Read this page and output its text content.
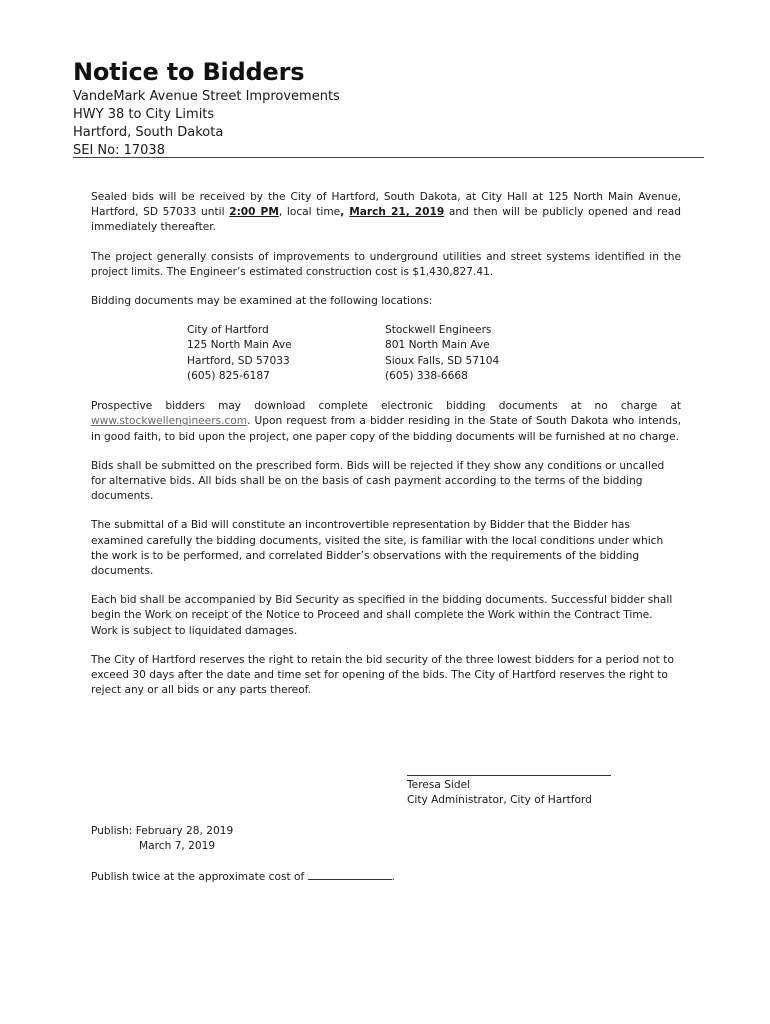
Notice to Bidders
VandeMark Avenue Street Improvements
HWY 38 to City Limits
Hartford, South Dakota
SEI No: 17038

Sealed bids will be received by the City of Hartford, South Dakota, at City Hall at 125 North Main Avenue, Hartford, SD 57033 until 2:00 PM, local time, March 21, 2019 and then will be publicly opened and read immediately thereafter.

The project generally consists of improvements to underground utilities and street systems identified in the project limits. The Engineer’s estimated construction cost is $1,430,827.41.

Bidding documents may be examined at the following locations:

City of Hartford
125 North Main Ave
Hartford, SD 57033
(605) 825-6187
Stockwell Engineers
801 North Main Ave
Sioux Falls, SD 57104
(605) 338-6668

Prospective bidders may download complete electronic bidding documents at no charge at www.stockwellengineers.com. Upon request from a bidder residing in the State of South Dakota who intends, in good faith, to bid upon the project, one paper copy of the bidding documents will be furnished at no charge.

Bids shall be submitted on the prescribed form. Bids will be rejected if they show any conditions or uncalled for alternative bids. All bids shall be on the basis of cash payment according to the terms of the bidding documents.

The submittal of a Bid will constitute an incontrovertible representation by Bidder that the Bidder has examined carefully the bidding documents, visited the site, is familiar with the local conditions under which the work is to be performed, and correlated Bidder’s observations with the requirements of the bidding documents.

Each bid shall be accompanied by Bid Security as specified in the bidding documents. Successful bidder shall begin the Work on receipt of the Notice to Proceed and shall complete the Work within the Contract Time. Work is subject to liquidated damages.

The City of Hartford reserves the right to retain the bid security of the three lowest bidders for a period not to exceed 30 days after the date and time set for opening of the bids. The City of Hartford reserves the right to reject any or all bids or any parts thereof.

Teresa Sidel
City Administrator, City of Hartford
Publish: February 28, 2019
March 7, 2019
Publish twice at the approximate cost of	.
